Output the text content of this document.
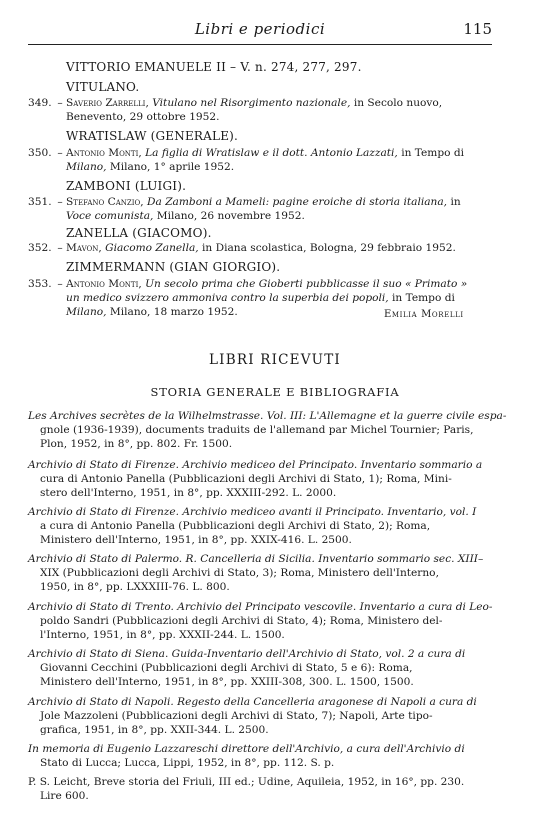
Libri e periodici	115
VITTORIO EMANUELE II – V. n. 274, 277, 297.
VITULANO.
349. – Saverio Zarrelli, Vitulano nel Risorgimento nazionale, in Secolo nuovo,
Benevento, 29 ottobre 1952.
WRATISLAW (GENERALE).
350. – Antonio Monti, La figlia di Wratislaw e il dott. Antonio Lazzati, in Tempo di
Milano, Milano, 1° aprile 1952.
ZAMBONI (LUIGI).
351. – Stefano Canzio, Da Zamboni a Mameli: pagine eroiche di storia italiana, in
Voce comunista, Milano, 26 novembre 1952.
ZANELLA (GIACOMO).
352. – Mavon, Giacomo Zanella, in Diana scolastica, Bologna, 29 febbraio 1952.
ZIMMERMANN (GIAN GIORGIO).
353. – Antonio Monti, Un secolo prima che Gioberti pubblicasse il suo « Primato »
un medico svizzero ammoniva contro la superbia dei popoli, in Tempo di
Milano, Milano, 18 marzo 1952.	Emilia Morelli
LIBRI RICEVUTI
STORIA GENERALE E BIBLIOGRAFIA
Les Archives secrètes de la Wilhelmstrasse. Vol. III: L'Allemagne et la guerre civile espa-
gnole (1936-1939), documents traduits de l'allemand par Michel Tournier; Paris,
Plon, 1952, in 8°, pp. 802. Fr. 1500.
Archivio di Stato di Firenze. Archivio mediceo del Principato. Inventario sommario a
cura di Antonio Panella (Pubblicazioni degli Archivi di Stato, 1); Roma, Mini-
stero dell'Interno, 1951, in 8°, pp. XXXIII-292. L. 2000.
Archivio di Stato di Firenze. Archivio mediceo avanti il Principato. Inventario, vol. I
a cura di Antonio Panella (Pubblicazioni degli Archivi di Stato, 2); Roma,
Ministero dell'Interno, 1951, in 8°, pp. XXIX-416. L. 2500.
Archivio di Stato di Palermo. R. Cancelleria di Sicilia. Inventario sommario sec. XIII–
XIX (Pubblicazioni degli Archivi di Stato, 3); Roma, Ministero dell'Interno,
1950, in 8°, pp. LXXXIII-76. L. 800.
Archivio di Stato di Trento. Archivio del Principato vescovile. Inventario a cura di Leo-
poldo Sandri (Pubblicazioni degli Archivi di Stato, 4); Roma, Ministero del-
l'Interno, 1951, in 8°, pp. XXXII-244. L. 1500.
Archivio di Stato di Siena. Guida-Inventario dell'Archivio di Stato, vol. 2 a cura di
Giovanni Cecchini (Pubblicazioni degli Archivi di Stato, 5 e 6): Roma,
Ministero dell'Interno, 1951, in 8°, pp. XXIII-308, 300. L. 1500, 1500.
Archivio di Stato di Napoli. Regesto della Cancelleria aragonese di Napoli a cura di
Jole Mazzoleni (Pubblicazioni degli Archivi di Stato, 7); Napoli, Arte tipo-
grafica, 1951, in 8°, pp. XXII-344. L. 2500.
In memoria di Eugenio Lazzareschi direttore dell'Archivio, a cura dell'Archivio di
Stato di Lucca; Lucca, Lippi, 1952, in 8°, pp. 112. S. p.
P. S. Leicht, Breve storia del Friuli, III ed.; Udine, Aquileia, 1952, in 16°, pp. 230.
Lire 600.
